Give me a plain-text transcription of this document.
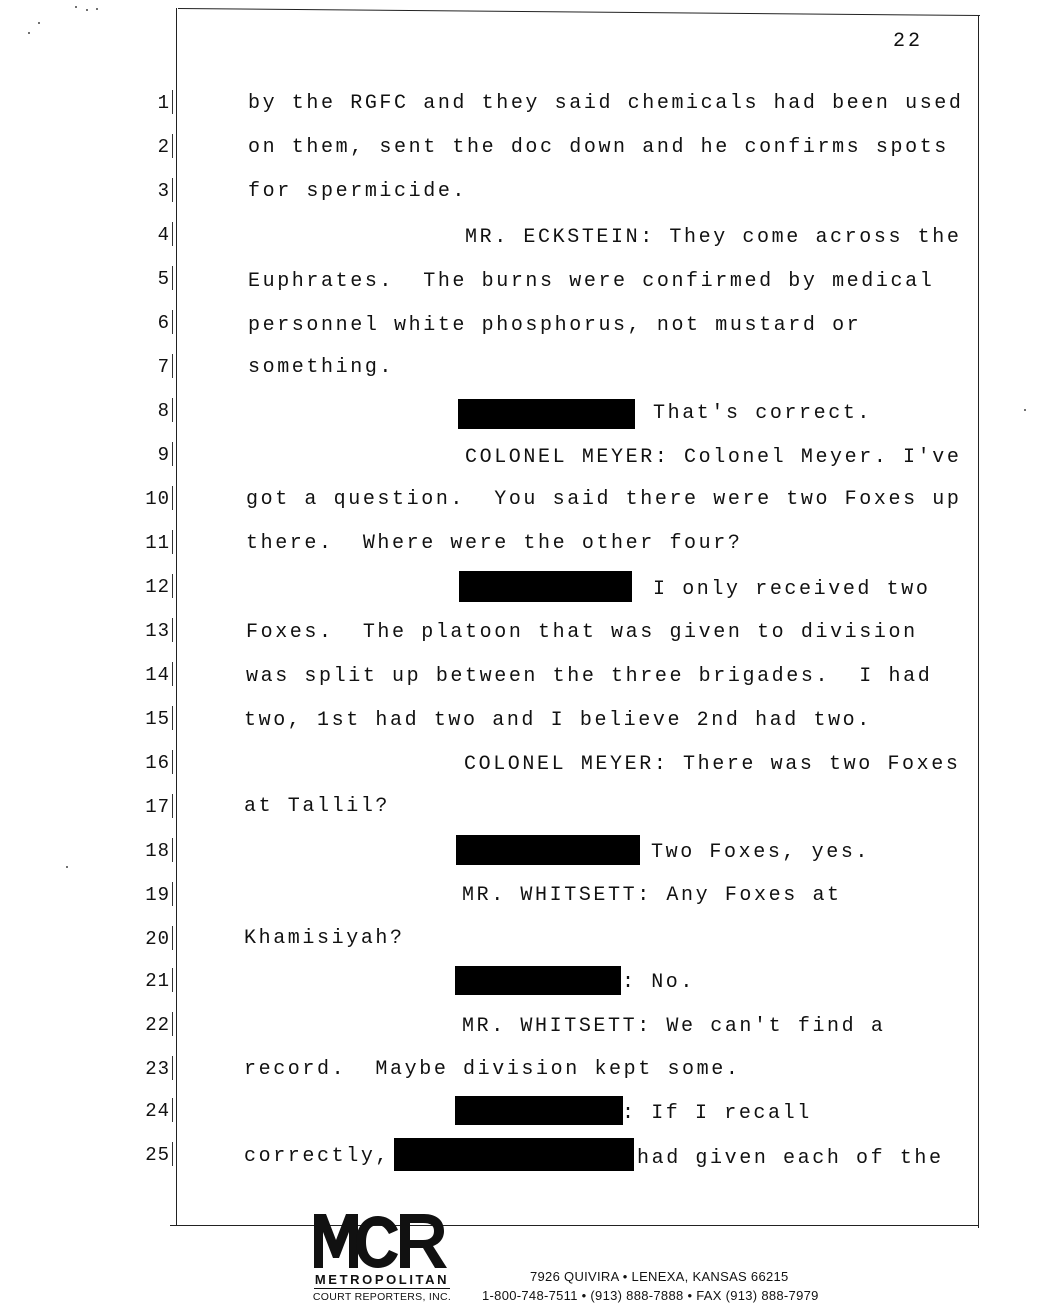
22
1
2
3
4
5
6
7
8
9
10
11
12
13
14
15
16
17
18
19
20
21
22
23
24
25
by the RGFC and they said chemicals had been used
on them, sent the doc down and he confirms spots
for spermicide.
MR. ECKSTEIN: They come across the
Euphrates.  The burns were confirmed by medical
personnel white phosphorus, not mustard or
something.
That's correct.
COLONEL MEYER: Colonel Meyer. I've
got a question.  You said there were two Foxes up
there.  Where were the other four?
I only received two
Foxes.  The platoon that was given to division
was split up between the three brigades.  I had
two, 1st had two and I believe 2nd had two.
COLONEL MEYER: There was two Foxes
at Tallil?
Two Foxes, yes.
MR. WHITSETT: Any Foxes at
Khamisiyah?
: No.
MR. WHITSETT: We can't find a
record.  Maybe division kept some.
: If I recall
correctly,	had given each of the
METROPOLITAN
COURT REPORTERS, INC.
7926 QUIVIRA • LENEXA, KANSAS 66215
1-800-748-7511 • (913) 888-7888 • FAX (913) 888-7979
